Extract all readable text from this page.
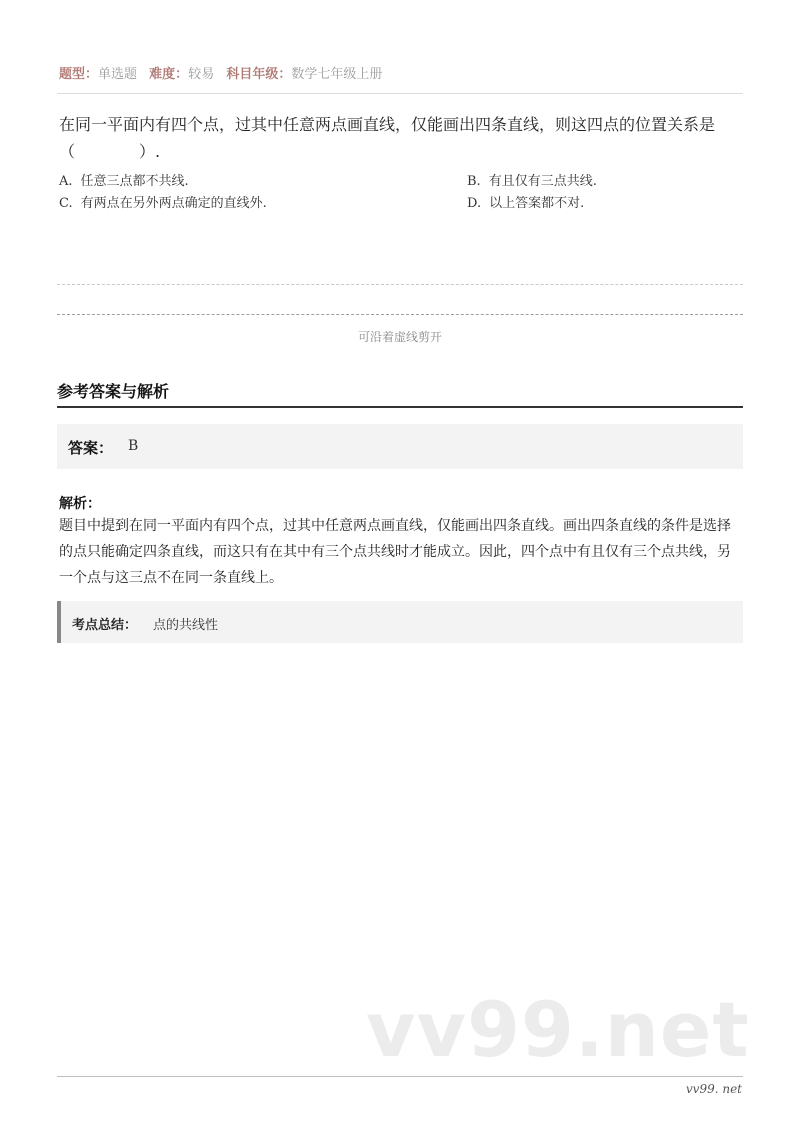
题型：单选题 难度：较易 科目年级：数学七年级上册
在同一平面内有四个点，过其中任意两点画直线，仅能画出四条直线，则这四点的位置关系是（　　　　）.
A. 任意三点都不共线.	B. 有且仅有三点共线.
C. 有两点在另外两点确定的直线外.	D. 以上答案都不对.
可沿着虚线剪开
参考答案与解析
答案： B
解析：
题目中提到在同一平面内有四个点，过其中任意两点画直线，仅能画出四条直线。画出四条直线的条件是选择的点只能确定四条直线，而这只有在其中有三个点共线时才能成立。因此，四个点中有且仅有三个点共线，另一个点与这三点不在同一条直线上。
考点总结： 点的共线性
vv99.net
vv99. net
